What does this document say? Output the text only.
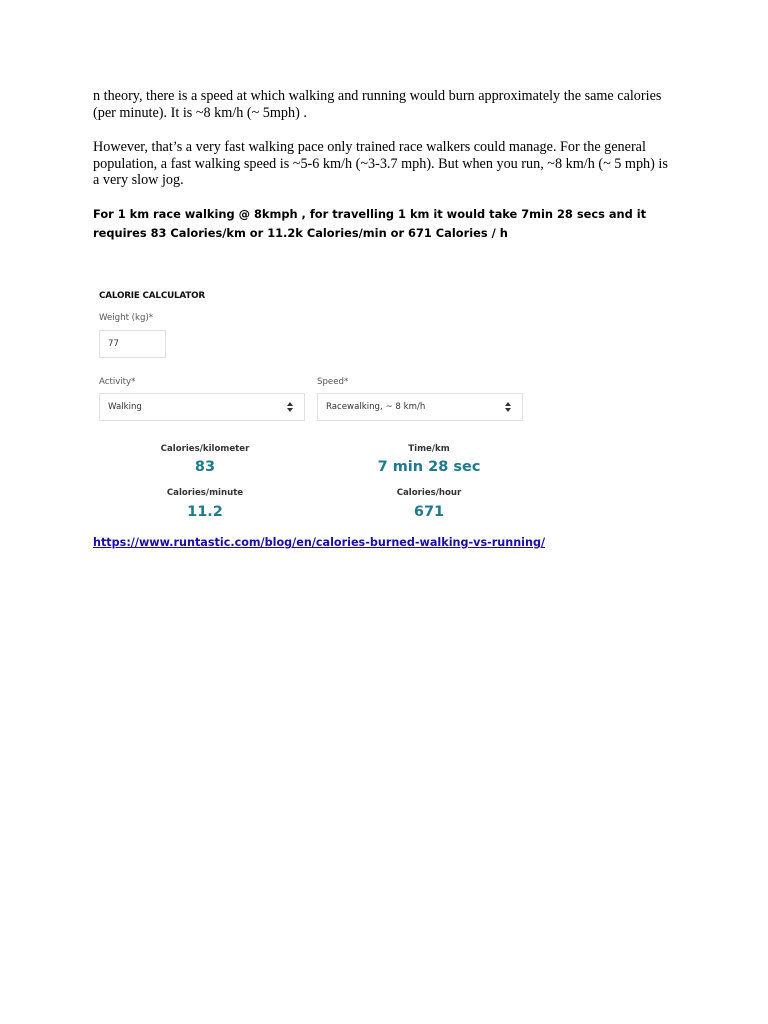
n theory, there is a speed at which walking and running would burn approximately the same calories (per minute). It is ~8 km/h (~ 5mph) .

However, that’s a very fast walking pace only trained race walkers could manage. For the general population, a fast walking speed is ~5-6 km/h (~3-3.7 mph). But when you run, ~8 km/h (~ 5 mph) is a very slow jog.

For 1 km race walking @ 8kmph , for travelling 1 km it would take 7min 28 secs and it requires 83 Calories/km or 11.2k Calories/min or 671 Calories / h

CALORIE CALCULATOR
Weight (kg)*
77
Activity*
Walking
Speed*
Racewalking, ~ 8 km/h
Calories/kilometer
83
Time/km
7 min 28 sec
Calories/minute
11.2
Calories/hour
671
https://www.runtastic.com/blog/en/calories-burned-walking-vs-running/
